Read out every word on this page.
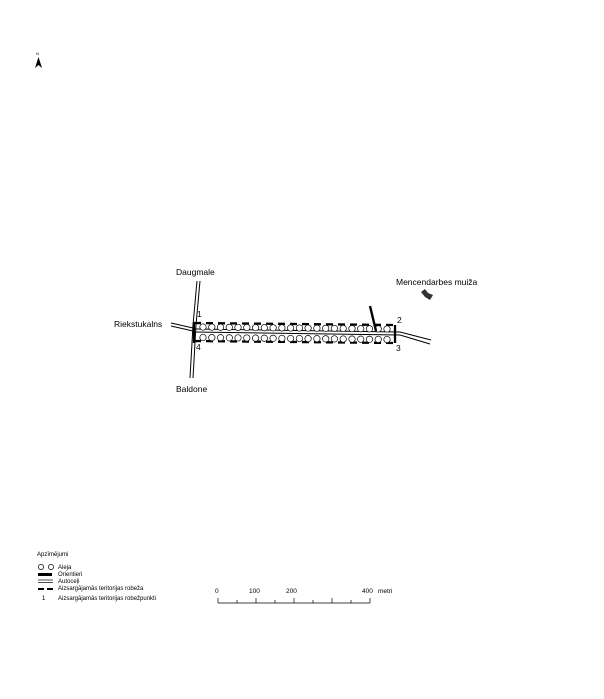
N
Daugmale
Riekstukalns
Baldone
Mencendarbes muiža
1
2
3
4
Apzīmējumi
Aleja
Orientieri
Autoceļi
Aizsargājamās teritorijas robeža
1 Aizsargājamās teritorijas robežpunkti
0	100	200	400 metri
